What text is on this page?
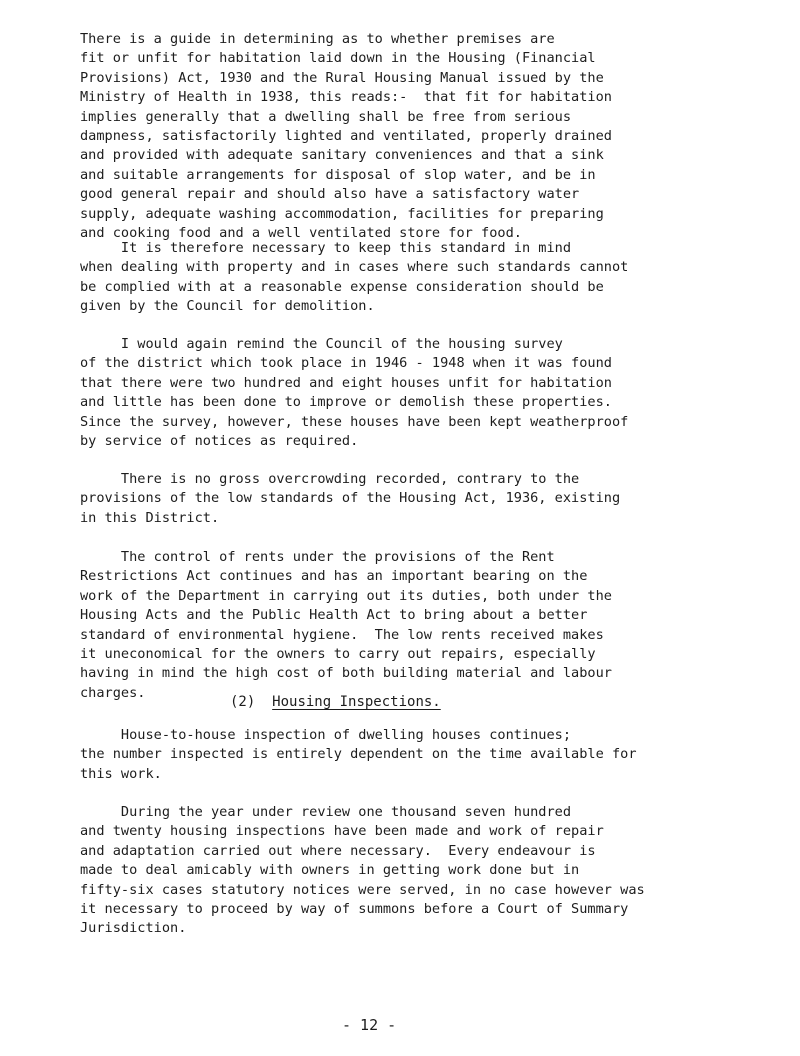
There is a guide in determining as to whether premises are
fit or unfit for habitation laid down in the Housing (Financial
Provisions) Act, 1930 and the Rural Housing Manual issued by the
Ministry of Health in 1938, this reads:-  that fit for habitation
implies generally that a dwelling shall be free from serious
dampness, satisfactorily lighted and ventilated, properly drained
and provided with adequate sanitary conveniences and that a sink
and suitable arrangements for disposal of slop water, and be in
good general repair and should also have a satisfactory water
supply, adequate washing accommodation, facilities for preparing
and cooking food and a well ventilated store for food.

It is therefore necessary to keep this standard in mind
when dealing with property and in cases where such standards cannot
be complied with at a reasonable expense consideration should be
given by the Council for demolition.

I would again remind the Council of the housing survey
of the district which took place in 1946 - 1948 when it was found
that there were two hundred and eight houses unfit for habitation
and little has been done to improve or demolish these properties.
Since the survey, however, these houses have been kept weatherproof
by service of notices as required.

There is no gross overcrowding recorded, contrary to the
provisions of the low standards of the Housing Act, 1936, existing
in this District.

The control of rents under the provisions of the Rent
Restrictions Act continues and has an important bearing on the
work of the Department in carrying out its duties, both under the
Housing Acts and the Public Health Act to bring about a better
standard of environmental hygiene.  The low rents received makes
it uneconomical for the owners to carry out repairs, especially
having in mind the high cost of both building material and labour
charges.

(2) Housing Inspections.

House-to-house inspection of dwelling houses continues;
the number inspected is entirely dependent on the time available for
this work.

During the year under review one thousand seven hundred
and twenty housing inspections have been made and work of repair
and adaptation carried out where necessary.  Every endeavour is
made to deal amicably with owners in getting work done but in
fifty-six cases statutory notices were served, in no case however was
it necessary to proceed by way of summons before a Court of Summary
Jurisdiction.

- 12 -
